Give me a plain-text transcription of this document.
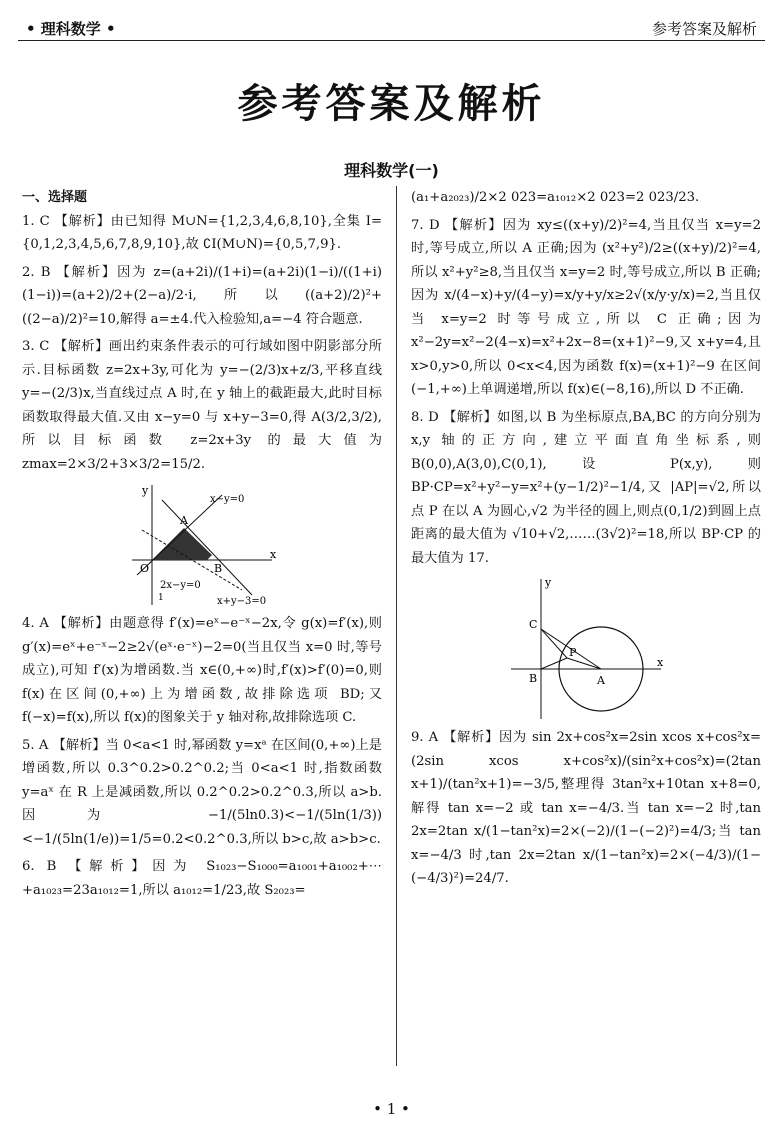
• 理科数学 •	参考答案及解析
参考答案及解析
理科数学(一)
一、选择题

1. C 【解析】由已知得 M∪N={1,2,3,4,6,8,10},全集 I={0,1,2,3,4,5,6,7,8,9,10},故 ∁I(M∪N)={0,5,7,9}.

2. B 【解析】因为 z=(a+2i)/(1+i)=(a+2i)(1−i)/((1+i)(1−i))=(a+2)/2+(2−a)/2·i,所以((a+2)/2)²+((2−a)/2)²=10,解得 a=±4.代入检验知,a=−4 符合题意.

3. C 【解析】画出约束条件表示的可行域如图中阴影部分所示.目标函数 z=2x+3y,可化为 y=−(2/3)x+z/3,平移直线 y=−(2/3)x,当直线过点 A 时,在 y 轴上的截距最大,此时目标函数取得最大值.又由 x−y=0 与 x+y−3=0,得 A(3/2,3/2),所以目标函数 z=2x+3y 的最大值为 zmax=2×3/2+3×3/2=15/2.

y
x
O
A
B
x−y=0
2x−y=0
x+y−3=0
1

4. A 【解析】由题意得 f′(x)=eˣ−e⁻ˣ−2x,令 g(x)=f′(x),则 g′(x)=eˣ+e⁻ˣ−2≥2√(eˣ·e⁻ˣ)−2=0(当且仅当 x=0 时,等号成立),可知 f′(x)为增函数.当 x∈(0,+∞)时,f′(x)>f′(0)=0,则 f(x)在区间(0,+∞)上为增函数,故排除选项 BD;又 f(−x)=f(x),所以 f(x)的图象关于 y 轴对称,故排除选项 C.

5. A 【解析】当 0<a<1 时,幂函数 y=xᵃ 在区间(0,+∞)上是增函数,所以 0.3^0.2>0.2^0.2;当 0<a<1 时,指数函数 y=aˣ 在 R 上是减函数,所以 0.2^0.2>0.2^0.3,所以 a>b.因为 −1/(5ln0.3)<−1/(5ln(1/3))<−1/(5ln(1/e))=1/5=0.2<0.2^0.3,所以 b>c,故 a>b>c.

6. B 【解析】因为 S₁₀₂₃−S₁₀₀₀=a₁₀₀₁+a₁₀₀₂+⋯+a₁₀₂₃=23a₁₀₁₂=1,所以 a₁₀₁₂=1/23,故 S₂₀₂₃=

(a₁+a₂₀₂₃)/2×2 023=a₁₀₁₂×2 023=2 023/23.

7. D 【解析】因为 xy≤((x+y)/2)²=4,当且仅当 x=y=2 时,等号成立,所以 A 正确;因为 (x²+y²)/2≥((x+y)/2)²=4,所以 x²+y²≥8,当且仅当 x=y=2 时,等号成立,所以 B 正确;因为 x/(4−x)+y/(4−y)=x/y+y/x≥2√(x/y·y/x)=2,当且仅当 x=y=2 时等号成立,所以 C 正确;因为 x²−2y=x²−2(4−x)=x²+2x−8=(x+1)²−9,又 x+y=4,且 x>0,y>0,所以 0<x<4,因为函数 f(x)=(x+1)²−9 在区间(−1,+∞)上单调递增,所以 f(x)∈(−8,16),所以 D 不正确.

8. D 【解析】如图,以 B 为坐标原点,BA,BC 的方向分别为 x,y 轴的正方向,建立平面直角坐标系,则 B(0,0),A(3,0),C(0,1),设 P(x,y),则 BP·CP=x²+y²−y=x²+(y−1/2)²−1/4,又 |AP|=√2,所以点 P 在以 A 为圆心,√2 为半径的圆上,则点(0,1/2)到圆上点距离的最大值为 √10+√2,……(3√2)²=18,所以 BP·CP 的最大值为 17.

y
x
B	A
C
P

9. A 【解析】因为 sin 2x+cos²x=2sin xcos x+cos²x=(2sin xcos x+cos²x)/(sin²x+cos²x)=(2tan x+1)/(tan²x+1)=−3/5,整理得 3tan²x+10tan x+8=0,解得 tan x=−2 或 tan x=−4/3.当 tan x=−2 时,tan 2x=2tan x/(1−tan²x)=2×(−2)/(1−(−2)²)=4/3;当 tan x=−4/3 时,tan 2x=2tan x/(1−tan²x)=2×(−4/3)/(1−(−4/3)²)=24/7.

• 1 •
